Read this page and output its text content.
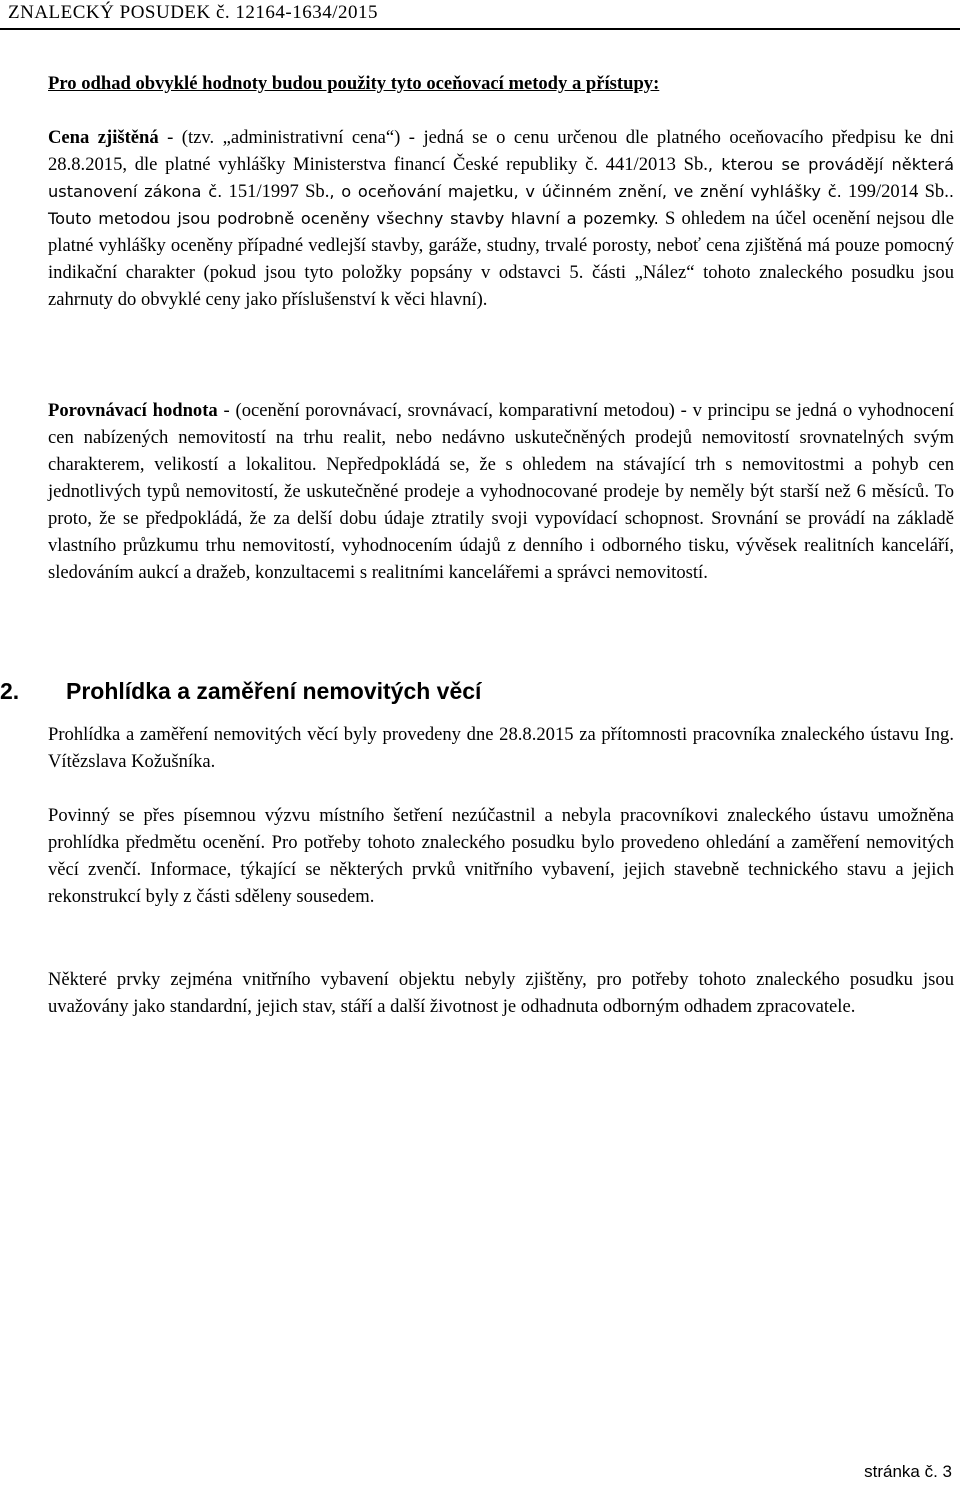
ZNALECKÝ POSUDEK č. 12164-1634/2015

Pro odhad obvyklé hodnoty budou použity tyto oceňovací metody a přístupy:

Cena zjištěná - (tzv. „administrativní cena“) - jedná se o cenu určenou dle platného oceňovacího předpisu ke dni 28.8.2015, dle platné vyhlášky Ministerstva financí České republiky č. 441/2013 Sb., kterou se provádějí některá ustanovení zákona č. 151/1997 Sb., o oceňování majetku, v účinném znění, ve znění vyhlášky č. 199/2014 Sb.. Touto metodou jsou podrobně oceněny všechny stavby hlavní a pozemky. S ohledem na účel ocenění nejsou dle platné vyhlášky oceněny případné vedlejší stavby, garáže, studny, trvalé porosty, neboť cena zjištěná má pouze pomocný indikační charakter (pokud jsou tyto položky popsány v odstavci 5. části „Nález“ tohoto znaleckého posudku jsou zahrnuty do obvyklé ceny jako příslušenství k věci hlavní).

Porovnávací hodnota - (ocenění porovnávací, srovnávací, komparativní metodou) - v principu se jedná o vyhodnocení cen nabízených nemovitostí na trhu realit, nebo nedávno uskutečněných prodejů nemovitostí srovnatelných svým charakterem, velikostí a lokalitou. Nepředpokládá se, že s ohledem na stávající trh s nemovitostmi a pohyb cen jednotlivých typů nemovitostí, že uskutečněné prodeje a vyhodnocované prodeje by neměly být starší než 6 měsíců. To proto, že se předpokládá, že za delší dobu údaje ztratily svoji vypovídací schopnost. Srovnání se provádí na základě vlastního průzkumu trhu nemovitostí, vyhodnocením údajů z denního i odborného tisku, vývěsek realitních kanceláří, sledováním aukcí a dražeb, konzultacemi s realitními kancelářemi a správci nemovitostí.

2. Prohlídka a zaměření nemovitých věcí

Prohlídka a zaměření nemovitých věcí byly provedeny dne 28.8.2015 za přítomnosti pracovníka znaleckého ústavu Ing. Vítězslava Kožušníka.

Povinný se přes písemnou výzvu místního šetření nezúčastnil a nebyla pracovníkovi znaleckého ústavu umožněna prohlídka předmětu ocenění. Pro potřeby tohoto znaleckého posudku bylo provedeno ohledání a zaměření nemovitých věcí zvenčí. Informace, týkající se některých prvků vnitřního vybavení, jejich stavebně technického stavu a jejich rekonstrukcí byly z části sděleny sousedem.

Některé prvky zejména vnitřního vybavení objektu nebyly zjištěny, pro potřeby tohoto znaleckého posudku jsou uvažovány jako standardní, jejich stav, stáří a další životnost je odhadnuta odborným odhadem zpracovatele.

stránka č. 3
